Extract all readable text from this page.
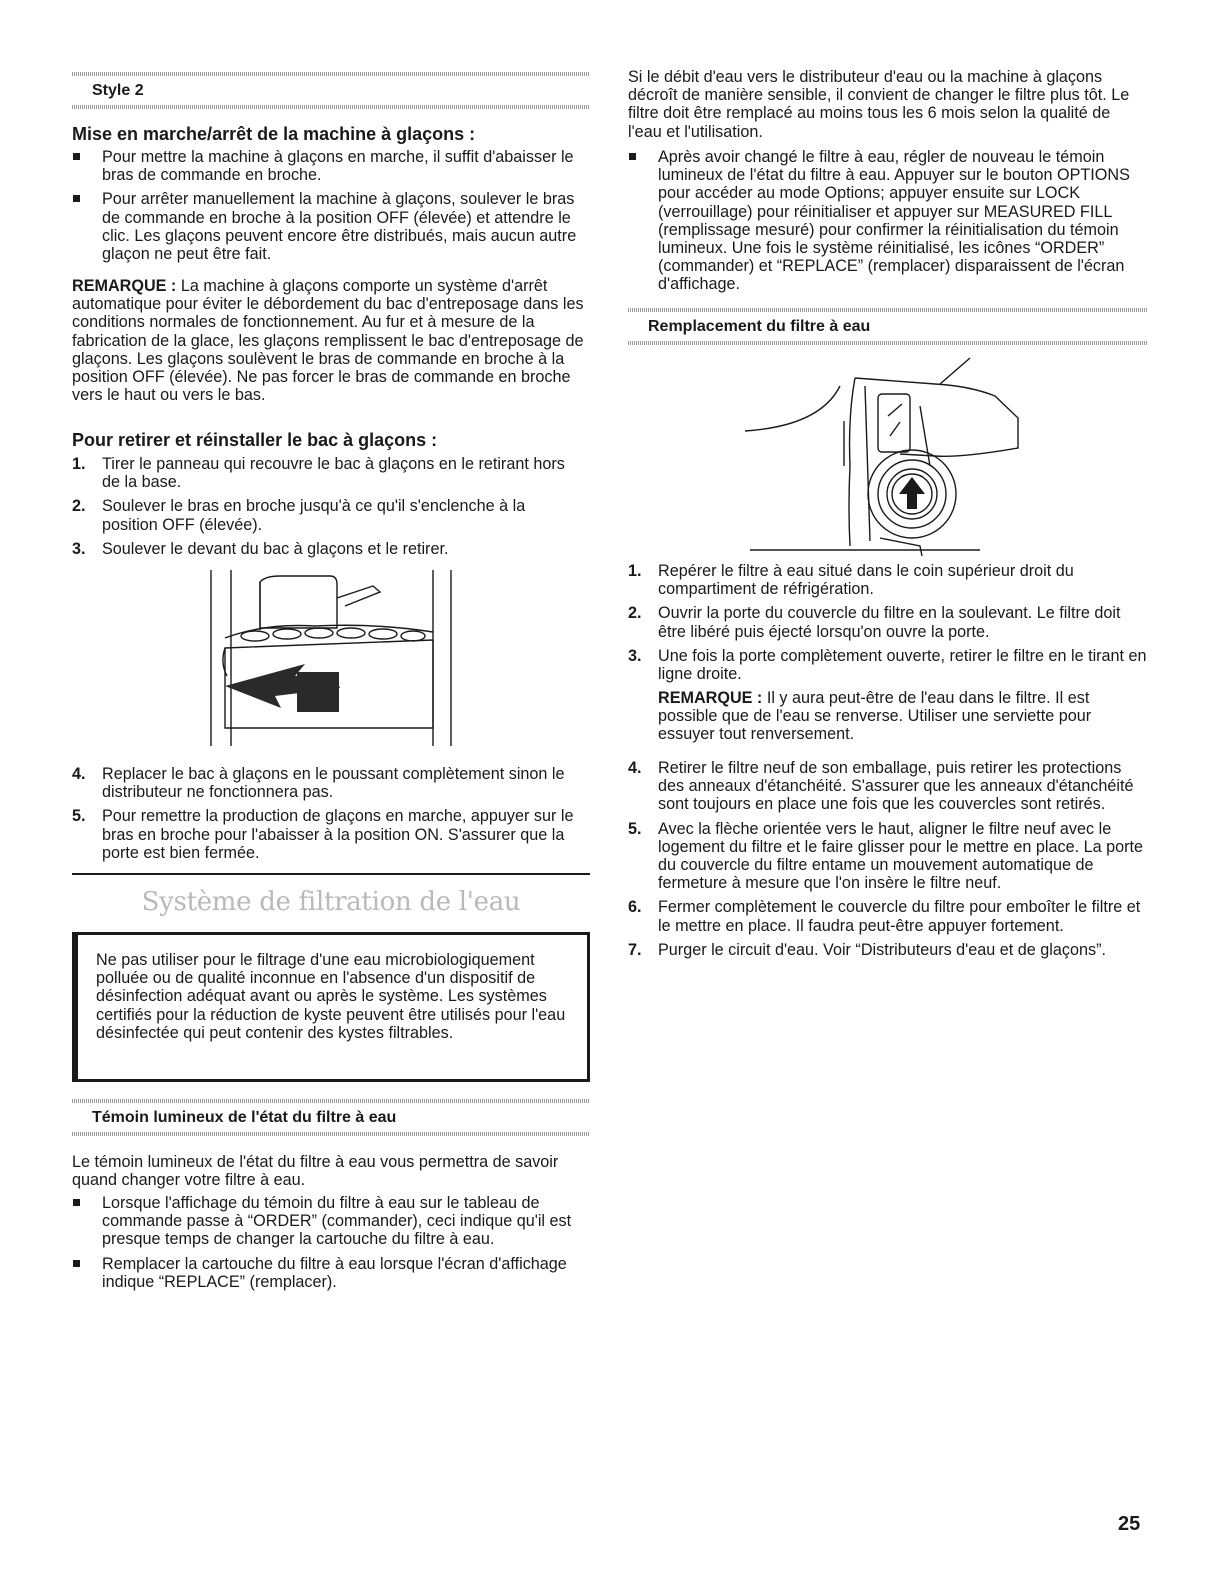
Style 2
Mise en marche/arrêt de la machine à glaçons :
Pour mettre la machine à glaçons en marche, il suffit d'abaisser le bras de commande en broche.
Pour arrêter manuellement la machine à glaçons, soulever le bras de commande en broche à la position OFF (élevée) et attendre le clic. Les glaçons peuvent encore être distribués, mais aucun autre glaçon ne peut être fait.

REMARQUE : La machine à glaçons comporte un système d'arrêt automatique pour éviter le débordement du bac d'entreposage dans les conditions normales de fonctionnement. Au fur et à mesure de la fabrication de la glace, les glaçons remplissent le bac d'entreposage de glaçons. Les glaçons soulèvent le bras de commande en broche à la position OFF (élevée). Ne pas forcer le bras de commande en broche vers le haut ou vers le bas.

Pour retirer et réinstaller le bac à glaçons :
1. Tirer le panneau qui recouvre le bac à glaçons en le retirant hors de la base.
2. Soulever le bras en broche jusqu'à ce qu'il s'enclenche à la position OFF (élevée).
3. Soulever le devant du bac à glaçons et le retirer.
4. Replacer le bac à glaçons en le poussant complètement sinon le distributeur ne fonctionnera pas.
5. Pour remettre la production de glaçons en marche, appuyer sur le bras en broche pour l'abaisser à la position ON. S'assurer que la porte est bien fermée.
Système de filtration de l'eau

Ne pas utiliser pour le filtrage d'une eau microbiologiquement polluée ou de qualité inconnue en l'absence d'un dispositif de désinfection adéquat avant ou après le système. Les systèmes certifiés pour la réduction de kyste peuvent être utilisés pour l'eau désinfectée qui peut contenir des kystes filtrables.

Témoin lumineux de l'état du filtre à eau

Le témoin lumineux de l'état du filtre à eau vous permettra de savoir quand changer votre filtre à eau.

Lorsque l'affichage du témoin du filtre à eau sur le tableau de commande passe à “ORDER” (commander), ceci indique qu'il est presque temps de changer la cartouche du filtre à eau.
Remplacer la cartouche du filtre à eau lorsque l'écran d'affichage indique “REPLACE” (remplacer).

Si le débit d'eau vers le distributeur d'eau ou la machine à glaçons décroît de manière sensible, il convient de changer le filtre plus tôt. Le filtre doit être remplacé au moins tous les 6 mois selon la qualité de l'eau et l'utilisation.

Après avoir changé le filtre à eau, régler de nouveau le témoin lumineux de l'état du filtre à eau. Appuyer sur le bouton OPTIONS pour accéder au mode Options; appuyer ensuite sur LOCK (verrouillage) pour réinitialiser et appuyer sur MEASURED FILL (remplissage mesuré) pour confirmer la réinitialisation du témoin lumineux. Une fois le système réinitialisé, les icônes “ORDER” (commander) et “REPLACE” (remplacer) disparaissent de l'écran d'affichage.
Remplacement du filtre à eau
1. Repérer le filtre à eau situé dans le coin supérieur droit du compartiment de réfrigération.
2. Ouvrir la porte du couvercle du filtre en la soulevant. Le filtre doit être libéré puis éjecté lorsqu'on ouvre la porte.
3. Une fois la porte complètement ouverte, retirer le filtre en le tirant en ligne droite.

REMARQUE : Il y aura peut-être de l'eau dans le filtre. Il est possible que de l'eau se renverse. Utiliser une serviette pour essuyer tout renversement.

4. Retirer le filtre neuf de son emballage, puis retirer les protections des anneaux d'étanchéité. S'assurer que les anneaux d'étanchéité sont toujours en place une fois que les couvercles sont retirés.
5. Avec la flèche orientée vers le haut, aligner le filtre neuf avec le logement du filtre et le faire glisser pour le mettre en place. La porte du couvercle du filtre entame un mouvement automatique de fermeture à mesure que l'on insère le filtre neuf.
6. Fermer complètement le couvercle du filtre pour emboîter le filtre et le mettre en place. Il faudra peut-être appuyer fortement.
7. Purger le circuit d'eau. Voir “Distributeurs d'eau et de glaçons”.
25
